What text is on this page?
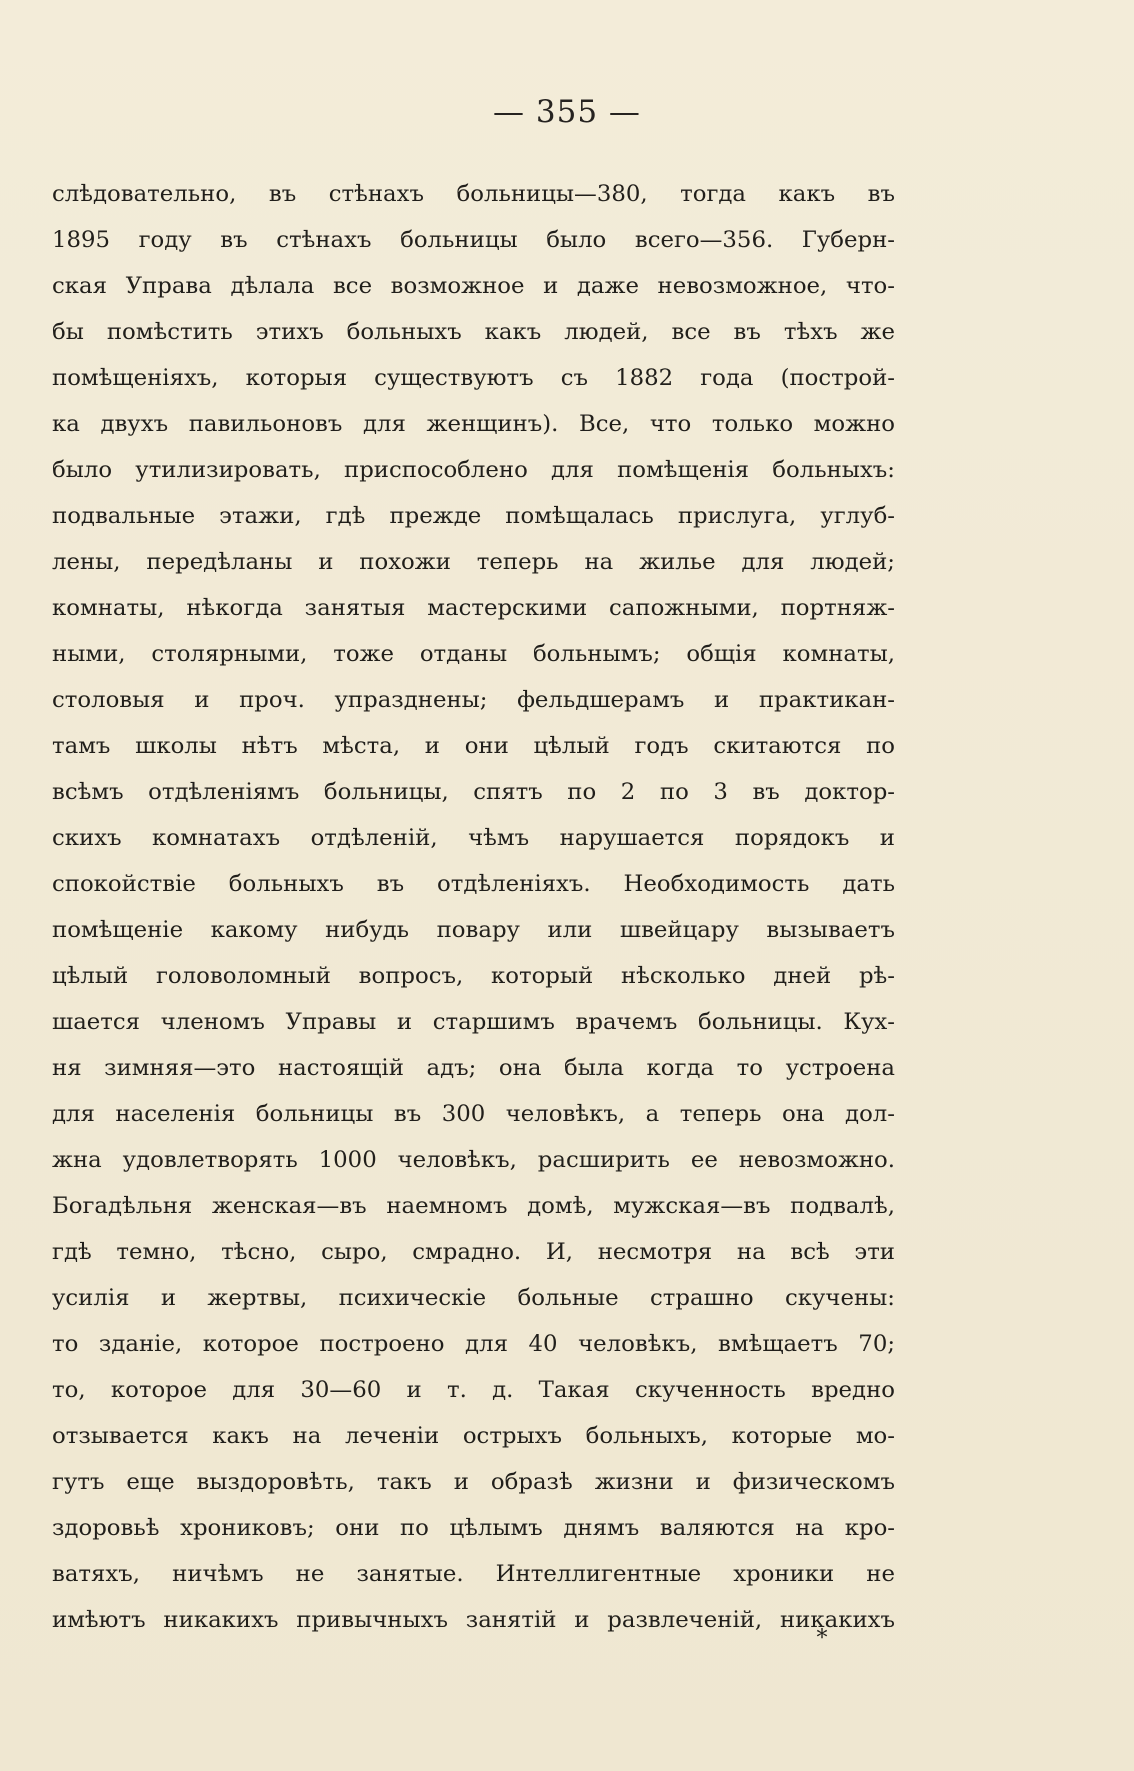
— 355 —
слѣдовательно, въ стѣнахъ больницы—380, тогда какъ въ
1895 году въ стѣнахъ больницы было всего—356. Губерн-
ская Управа дѣлала все возможное и даже невозможное, что-
бы помѣстить этихъ больныхъ какъ людей, все въ тѣхъ же
помѣщеніяхъ, которыя существуютъ съ 1882 года (построй-
ка двухъ павильоновъ для женщинъ). Все, что только можно
было утилизировать, приспособлено для помѣщенія больныхъ:
подвальные этажи, гдѣ прежде помѣщалась прислуга, углуб-
лены, передѣланы и похожи теперь на жилье для людей;
комнаты, нѣкогда занятыя мастерскими сапожными, портняж-
ными, столярными, тоже отданы больнымъ; общія комнаты,
столовыя и проч. упразднены; фельдшерамъ и практикан-
тамъ школы нѣтъ мѣста, и они цѣлый годъ скитаются по
всѣмъ отдѣленіямъ больницы, спятъ по 2 по 3 въ доктор-
скихъ комнатахъ отдѣленій, чѣмъ нарушается порядокъ и
спокойствіе больныхъ въ отдѣленіяхъ. Необходимость дать
помѣщеніе какому нибудь повару или швейцару вызываетъ
цѣлый головоломный вопросъ, который нѣсколько дней рѣ-
шается членомъ Управы и старшимъ врачемъ больницы. Кух-
ня зимняя—это настоящій адъ; она была когда то устроена
для населенія больницы въ 300 человѣкъ, а теперь она дол-
жна удовлетворять 1000 человѣкъ, расширить ее невозможно.
Богадѣльня женская—въ наемномъ домѣ, мужская—въ подвалѣ,
гдѣ темно, тѣсно, сыро, смрадно. И, несмотря на всѣ эти
усилія и жертвы, психическіе больные страшно скучены:
то зданіе, которое построено для 40 человѣкъ, вмѣщаетъ 70;
то, которое для 30—60 и т. д. Такая скученность вредно
отзывается какъ на леченіи острыхъ больныхъ, которые мо-
гутъ еще выздоровѣть, такъ и образѣ жизни и физическомъ
здоровьѣ хрониковъ; они по цѣлымъ днямъ валяются на кро-
ватяхъ, ничѣмъ не занятые. Интеллигентные хроники не
имѣютъ никакихъ привычныхъ занятій и развлеченій, никакихъ
*
